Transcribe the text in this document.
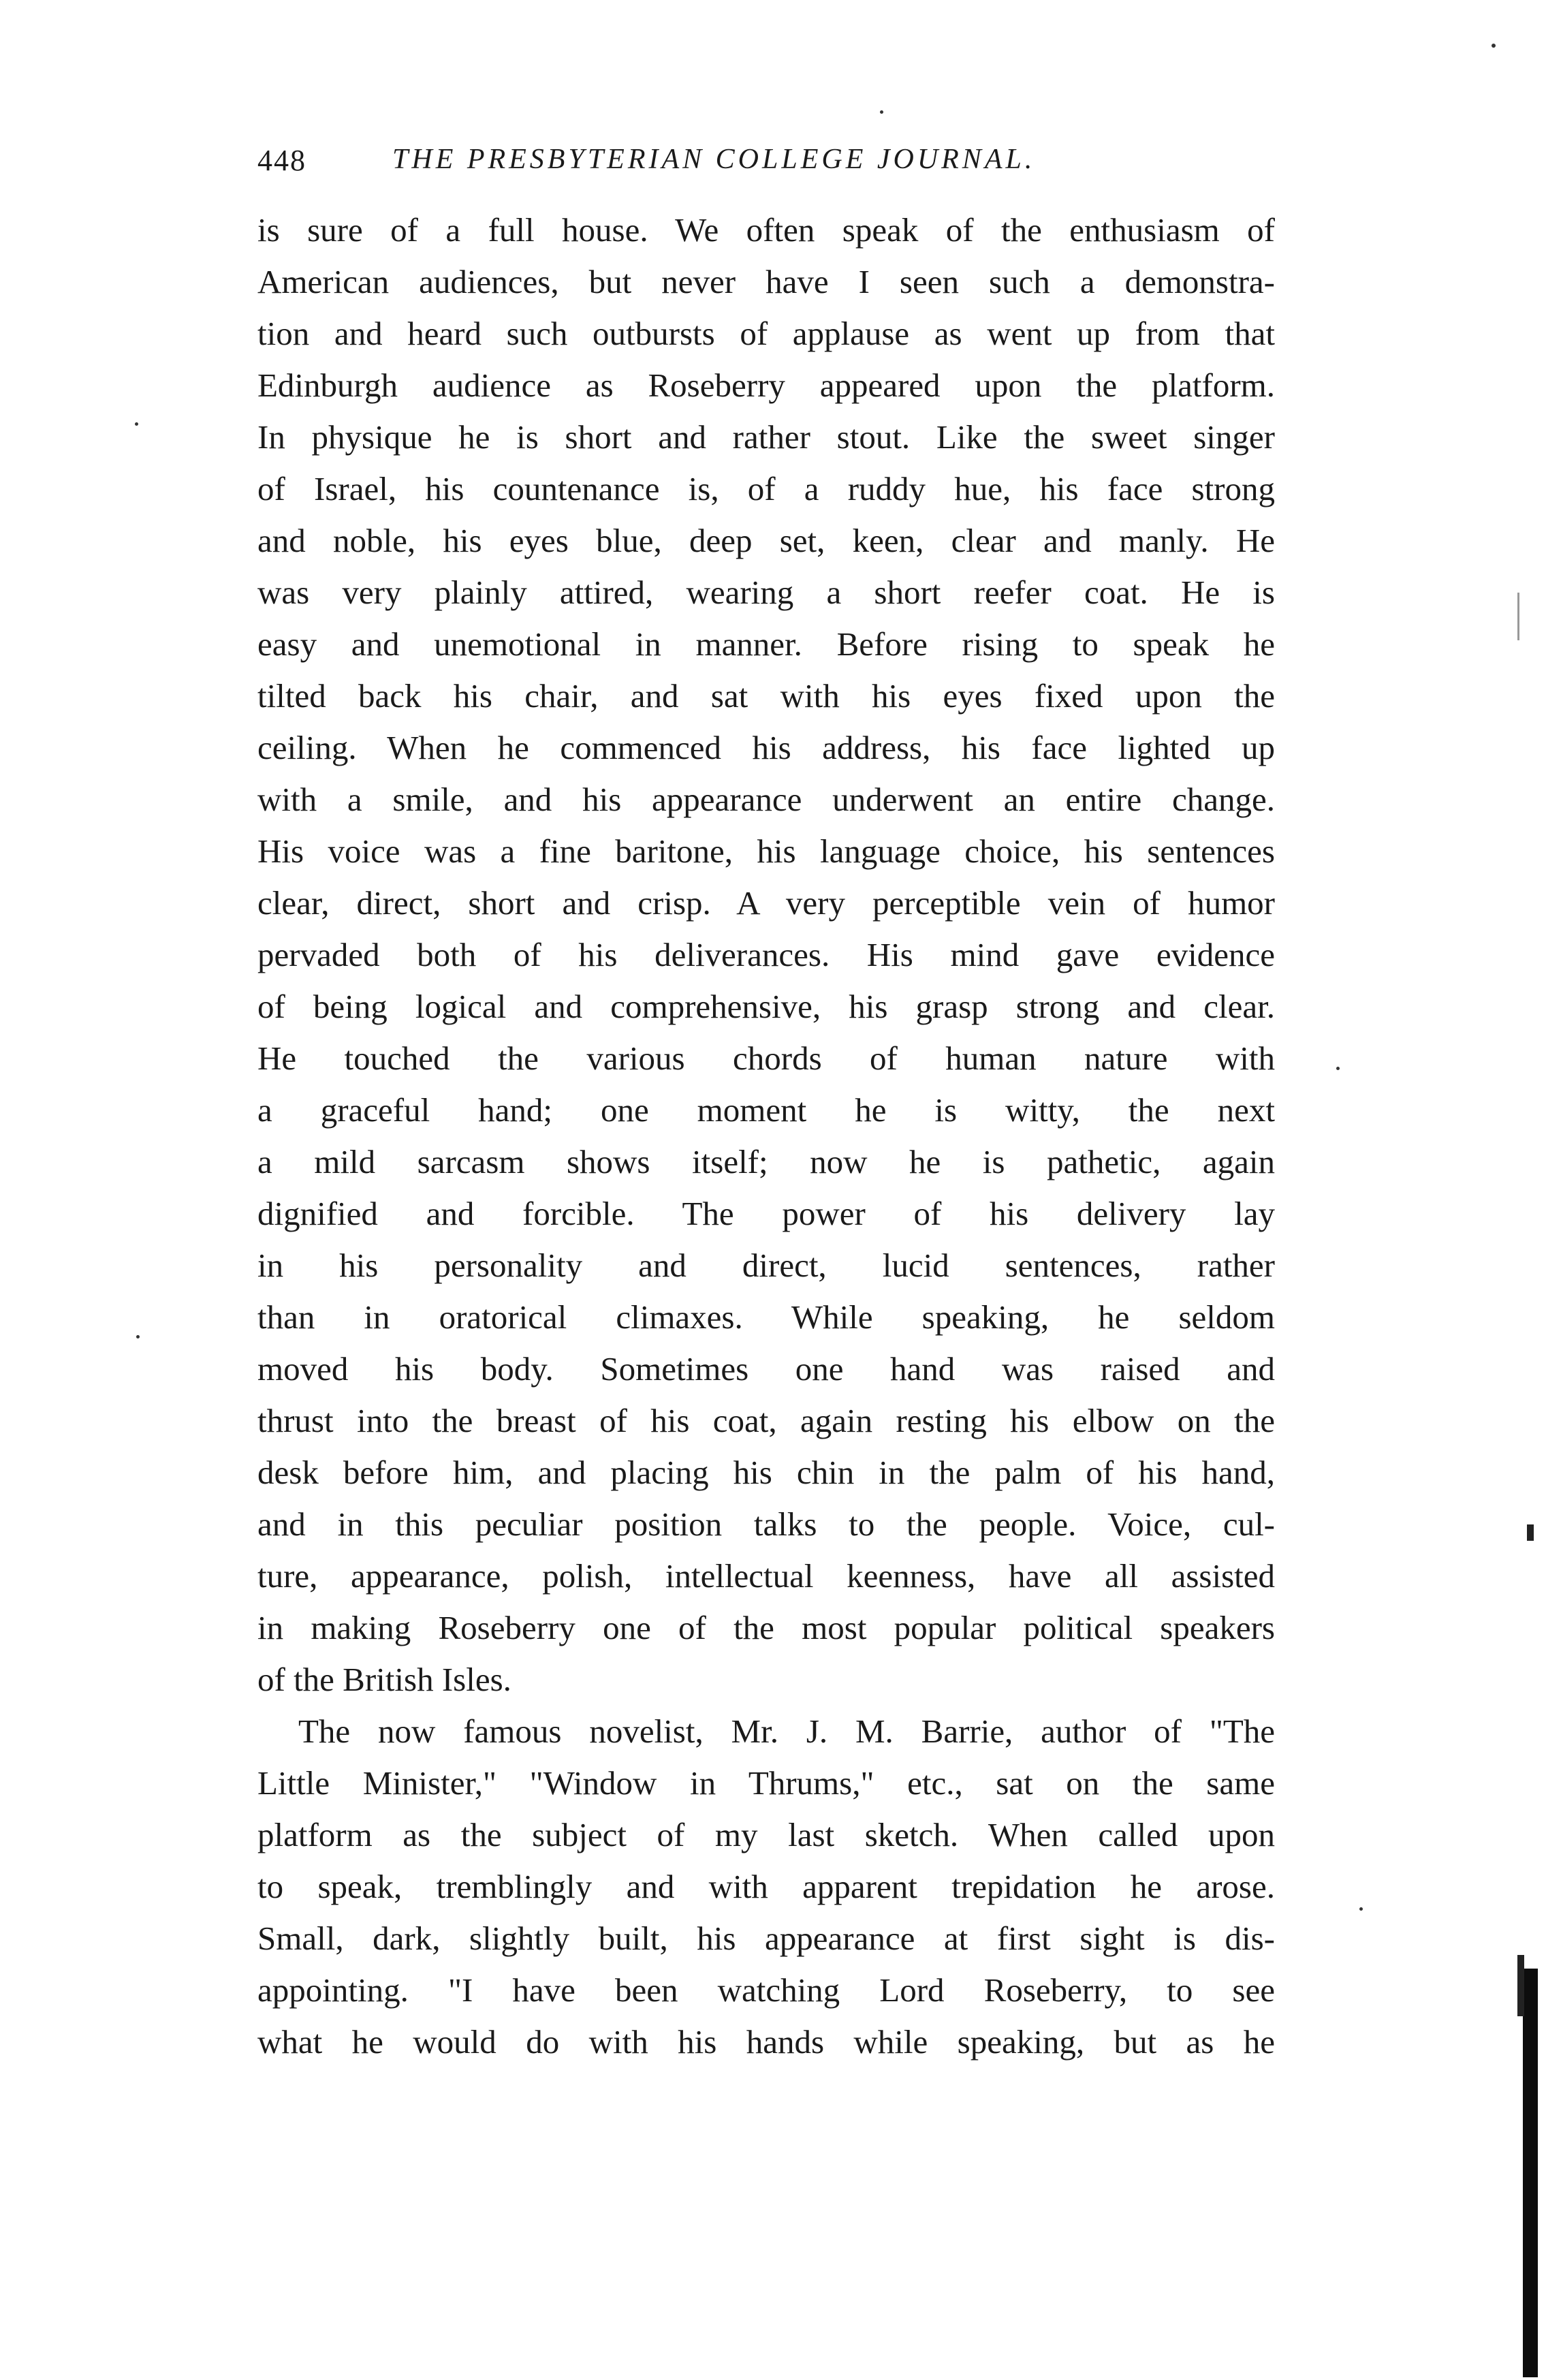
448	THE PRESBYTERIAN COLLEGE JOURNAL.
is sure of a full house. We often speak of the enthusiasm of
American audiences, but never have I seen such a demonstra-
tion and heard such outbursts of applause as went up from that
Edinburgh audience as Roseberry appeared upon the platform.
In physique he is short and rather stout. Like the sweet singer
of Israel, his countenance is, of a ruddy hue, his face strong
and noble, his eyes blue, deep set, keen, clear and manly. He
was very plainly attired, wearing a short reefer coat. He is
easy and unemotional in manner. Before rising to speak he
tilted back his chair, and sat with his eyes fixed upon the
ceiling. When he commenced his address, his face lighted up
with a smile, and his appearance underwent an entire change.
His voice was a fine baritone, his language choice, his sentences
clear, direct, short and crisp. A very perceptible vein of humor
pervaded both of his deliverances. His mind gave evidence
of being logical and comprehensive, his grasp strong and clear.
He touched the various chords of human nature with
a graceful hand; one moment he is witty, the next
a mild sarcasm shows itself; now he is pathetic, again
dignified and forcible. The power of his delivery lay
in his personality and direct, lucid sentences, rather
than in oratorical climaxes. While speaking, he seldom
moved his body. Sometimes one hand was raised and
thrust into the breast of his coat, again resting his elbow on the
desk before him, and placing his chin in the palm of his hand,
and in this peculiar position talks to the people. Voice, cul-
ture, appearance, polish, intellectual keenness, have all assisted
in making Roseberry one of the most popular political speakers
of the British Isles.
The now famous novelist, Mr. J. M. Barrie, author of "The
Little Minister," "Window in Thrums," etc., sat on the same
platform as the subject of my last sketch. When called upon
to speak, tremblingly and with apparent trepidation he arose.
Small, dark, slightly built, his appearance at first sight is dis-
appointing. "I have been watching Lord Roseberry, to see
what he would do with his hands while speaking, but as he
